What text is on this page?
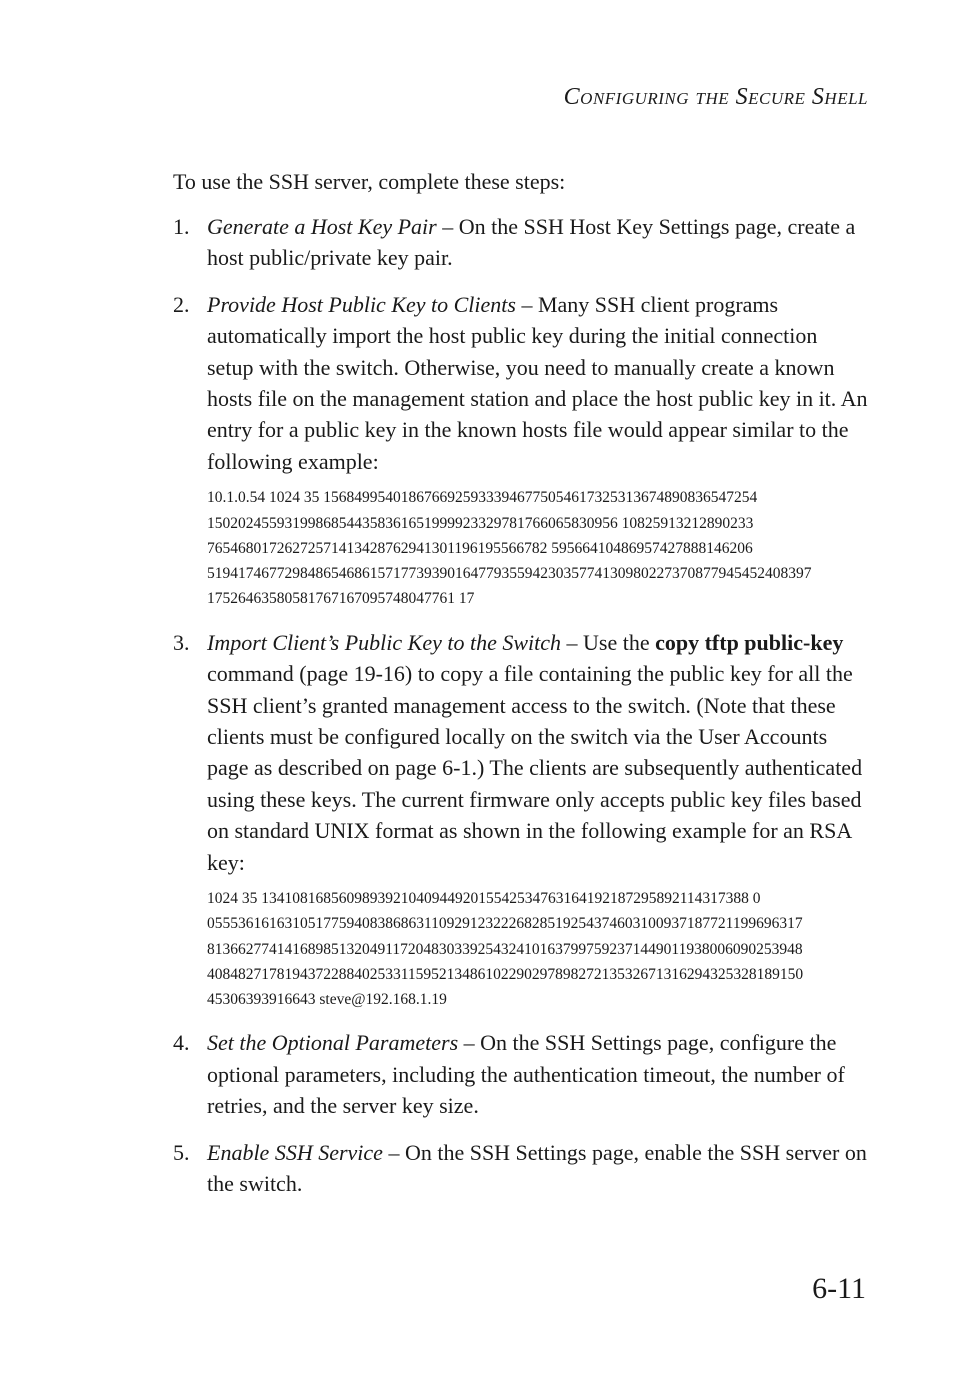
Configuring the Secure Shell

To use the SSH server, complete these steps:

1. Generate a Host Key Pair – On the SSH Host Key Settings page, create a host public/private key pair.
2. Provide Host Public Key to Clients – Many SSH client programs automatically import the host public key during the initial connection setup with the switch. Otherwise, you need to manually create a known hosts file on the management station and place the host public key in it. An entry for a public key in the known hosts file would appear similar to the following example:
10.1.0.54 1024 35 15684995401867669259333946775054617325313674890836547254
15020245593199868544358361651999923329781766065830956 10825913212890233
76546801726272571413428762941301196195566782 59566410486957427888146206
519417467729848654686157177393901647793559423035774130980227370877945452408397
17526463580581767167095748047761 17
3. Import Client’s Public Key to the Switch – Use the copy tftp public-key command (page 19-16) to copy a file containing the public key for all the SSH client’s granted management access to the switch. (Note that these clients must be configured locally on the switch via the User Accounts page as described on page 6-1.) The clients are subsequently authenticated using these keys. The current firmware only accepts public key files based on standard UNIX format as shown in the following example for an RSA key:
1024 35 134108168560989392104094492015542534763164192187295892114317388 0
05553616163105177594083868631109291232226828519254374603100937187721199696317
81366277414168985132049117204830339254324101637997592371449011938006090253948
40848271781943722884025331159521348610229029789827213532671316294325328189150
45306393916643 steve@192.168.1.19
4. Set the Optional Parameters – On the SSH Settings page, configure the optional parameters, including the authentication timeout, the number of retries, and the server key size.
5. Enable SSH Service – On the SSH Settings page, enable the SSH server on the switch.
6-11
